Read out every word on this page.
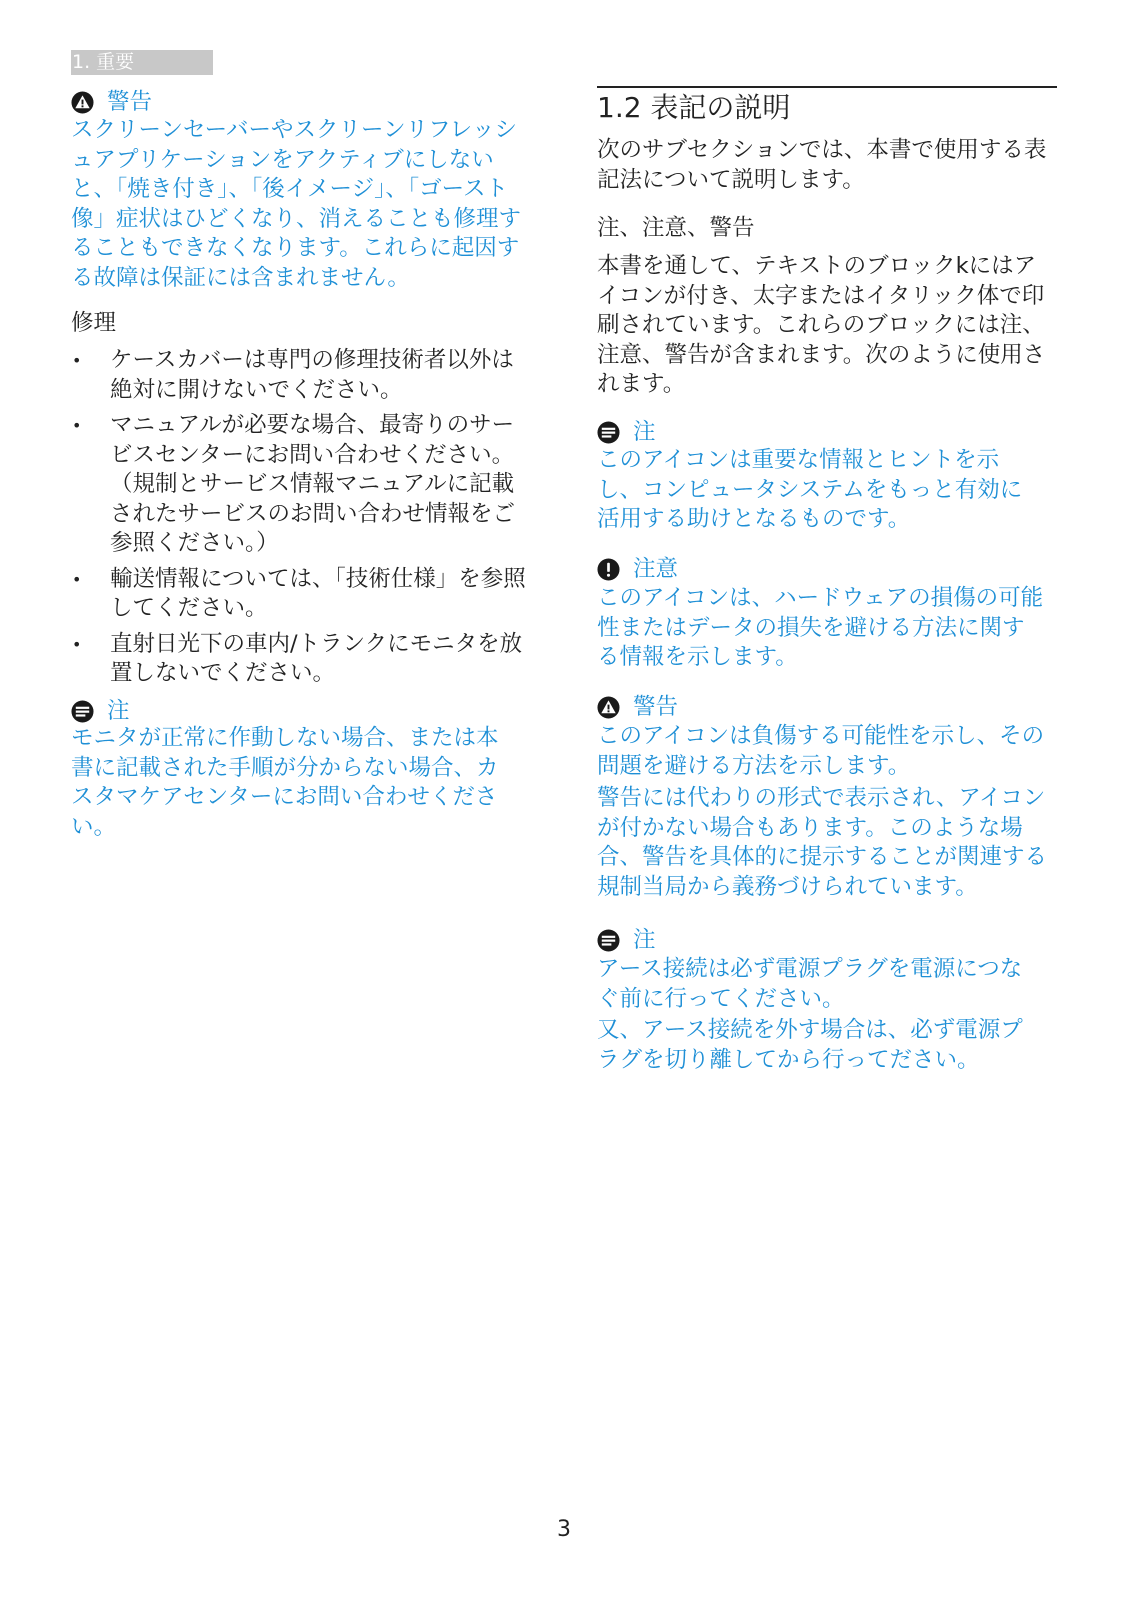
1. 重要
警告

スクリーンセーバーやスクリーンリフレッシュアプリケーションをアクティブにしないと、「焼き付き」、「後イメージ」、「ゴースト像」症状はひどくなり、消えることも修理することもできなくなります。これらに起因する故障は保証には含まれません。

修理
• ケースカバーは専門の修理技術者以外は絶対に開けないでください。
• マニュアルが必要な場合、最寄りのサービスセンターにお問い合わせください。（規制とサービス情報マニュアルに記載されたサービスのお問い合わせ情報をご参照ください。）
• 輸送情報については、「技術仕様」を参照してください。
• 直射日光下の車内/トランクにモニタを放置しないでください。
注

モニタが正常に作動しない場合、または本書に記載された手順が分からない場合、カスタマケアセンターにお問い合わせください。

1.2 表記の説明

次のサブセクションでは、本書で使用する表記法について説明します。

注、注意、警告

本書を通して、テキストのブロックkにはアイコンが付き、太字またはイタリック体で印刷されています。これらのブロックには注、注意、警告が含まれます。次のように使用されます。

注

このアイコンは重要な情報とヒントを示し、コンピュータシステムをもっと有効に活用する助けとなるものです。

注意

このアイコンは、ハードウェアの損傷の可能性またはデータの損失を避ける方法に関する情報を示します。

警告

このアイコンは負傷する可能性を示し、その問題を避ける方法を示します。

警告には代わりの形式で表示され、アイコンが付かない場合もあります。このような場合、警告を具体的に提示することが関連する規制当局から義務づけられています。

注

アース接続は必ず電源プラグを電源につなぐ前に行ってください。

又、アース接続を外す場合は、必ず電源プラグを切り離してから行ってださい。

3
